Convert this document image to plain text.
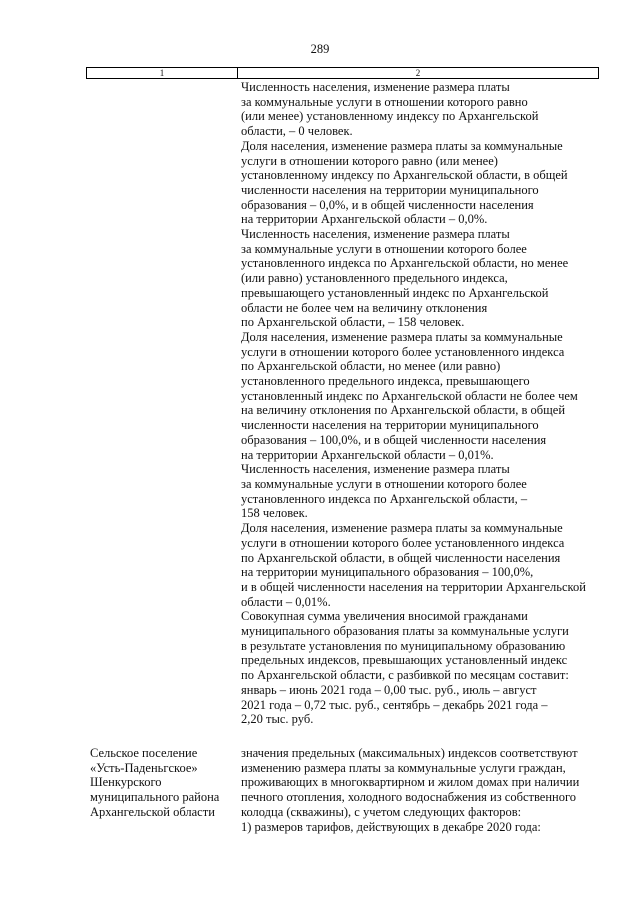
289
1	2
Численность населения, изменение размера платы
за коммунальные услуги в отношении которого равно
(или менее) установленному индексу по Архангельской
области, – 0 человек.
Доля населения, изменение размера платы за коммунальные
услуги в отношении которого равно (или менее)
установленному индексу по Архангельской области, в общей
численности населения на территории муниципального
образования – 0,0%, и в общей численности населения
на территории Архангельской области – 0,0%.
Численность населения, изменение размера платы
за коммунальные услуги в отношении которого более
установленного индекса по Архангельской области, но менее
(или равно) установленного предельного индекса,
превышающего установленный индекс по Архангельской
области не более чем на величину отклонения
по Архангельской области, – 158 человек.
Доля населения, изменение размера платы за коммунальные
услуги в отношении которого более установленного индекса
по Архангельской области, но менее (или равно)
установленного предельного индекса, превышающего
установленный индекс по Архангельской области не более чем
на величину отклонения по Архангельской области, в общей
численности населения на территории муниципального
образования – 100,0%, и в общей численности населения
на территории Архангельской области – 0,01%.
Численность населения, изменение размера платы
за коммунальные услуги в отношении которого более
установленного индекса по Архангельской области, –
158 человек.
Доля населения, изменение размера платы за коммунальные
услуги в отношении которого более установленного индекса
по Архангельской области, в общей численности населения
на территории муниципального образования – 100,0%,
и в общей численности населения на территории Архангельской
области – 0,01%.
Совокупная сумма увеличения вносимой гражданами
муниципального образования платы за коммунальные услуги
в результате установления по муниципальному образованию
предельных индексов, превышающих установленный индекс
по Архангельской области, с разбивкой по месяцам составит:
январь – июнь 2021 года – 0,00 тыс. руб., июль – август
2021 года – 0,72 тыс. руб., сентябрь – декабрь 2021 года –
2,20 тыс. руб.
Сельское поселение
«Усть-Паденьгское»
Шенкурского
муниципального района
Архангельской области
значения предельных (максимальных) индексов соответствуют
изменению размера платы за коммунальные услуги граждан,
проживающих в многоквартирном и жилом домах при наличии
печного отопления, холодного водоснабжения из собственного
колодца (скважины), с учетом следующих факторов:
1) размеров тарифов, действующих в декабре 2020 года:
